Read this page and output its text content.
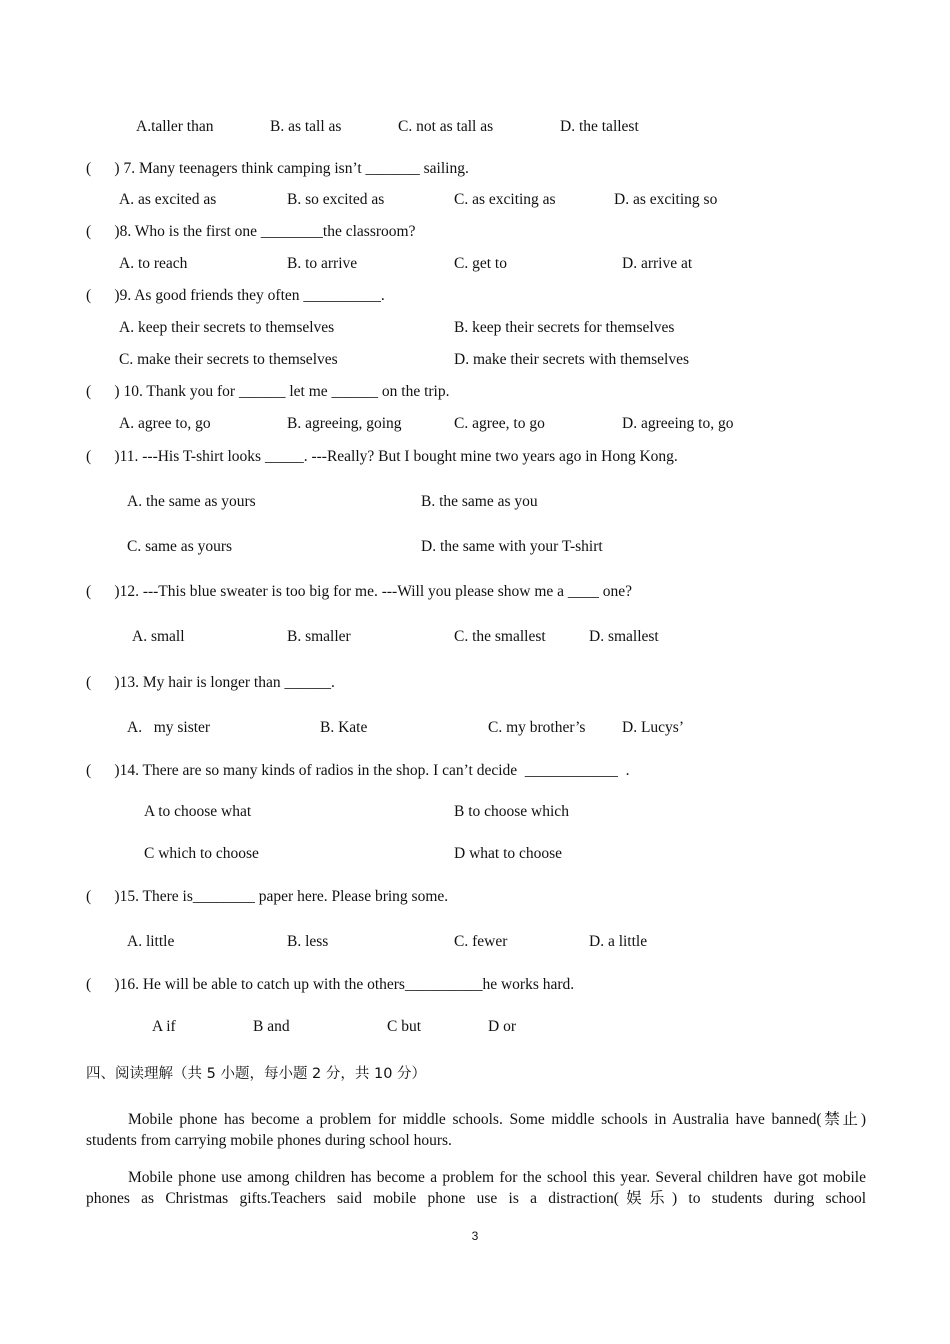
A.taller than	B. as tall as	C. not as tall as	D. the tallest
(      ) 7. Many teenagers think camping isn’t _______ sailing.
A. as excited as	B. so excited as	C. as exciting as	D. as exciting so
(      )8. Who is the first one ________the classroom?
A. to reach	B. to arrive	C. get to	D. arrive at
(      )9. As good friends they often __________.
A. keep their secrets to themselves	B. keep their secrets for themselves
C. make their secrets to themselves	D. make their secrets with themselves
(      ) 10. Thank you for ______ let me ______ on the trip.
A. agree to, go	B. agreeing, going	C. agree, to go	D. agreeing to, go
(      )11. ---His T-shirt looks _____. ---Really? But I bought mine two years ago in Hong Kong.
A. the same as yours	B. the same as you
C. same as yours	D. the same with your T-shirt
(      )12. ---This blue sweater is too big for me. ---Will you please show me a ____ one?
A. small	B. smaller	C. the smallest	D. smallest
(      )13. My hair is longer than ______.
A.   my sister	B. Kate	C. my brother’s D. Lucys’
(      )14. There are so many kinds of radios in the shop. I can’t decide  ____________  .
A to choose what	B to choose which
C which to choose	D what to choose
(      )15. There is________ paper here. Please bring some.
A. little	B. less	C. fewer	D. a little
(      )16. He will be able to catch up with the others__________he works hard.
A if	B and	C but	D or
四、阅读理解（共 5 小题，每小题 2 分，共 10 分）
Mobile phone has become a problem for middle schools. Some middle schools in Australia have banned(禁止) students from carrying mobile phones during school hours.
Mobile phone use among children has become a problem for the school this year. Several children have got mobile phones as Christmas gifts.Teachers said mobile phone use is a distraction(娱乐) to students during school
3
